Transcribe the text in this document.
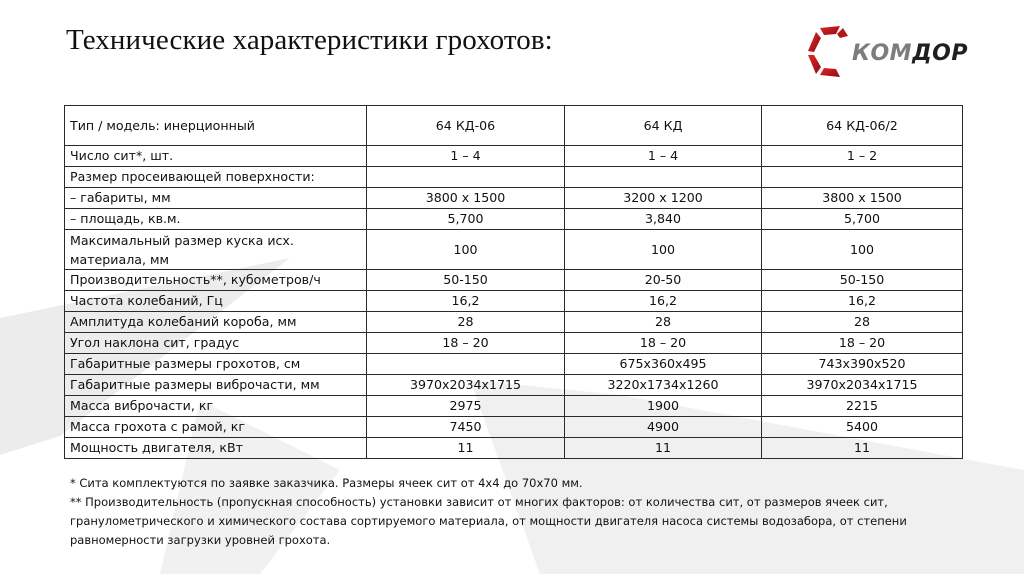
Технические характеристики грохотов:	КОМДОР
Тип / модель: инерционный	64 КД-06	64 КД	64 КД-06/2
Число сит*, шт.	1 – 4	1 – 4	1 – 2
Размер просеивающей поверхности:			
– габариты, мм	3800 x 1500	3200 x 1200	3800 x 1500
– площадь, кв.м.	5,700	3,840	5,700
Максимальный размер куска исх. материала, мм	100	100	100
Производительность**, кубометров/ч	50-150	20-50	50-150
Частота колебаний, Гц	16,2	16,2	16,2
Амплитуда колебаний короба, мм	28	28	28
Угол наклона сит, градус	18 – 20	18 – 20	18 – 20
Габаритные размеры грохотов, см		675x360x495	743x390x520
Габаритные размеры виброчасти, мм	3970x2034x1715	3220x1734x1260	3970x2034x1715
Масса виброчасти, кг	2975	1900	2215
Масса грохота с рамой, кг	7450	4900	5400
Мощность двигателя, кВт	11	11	11

* Сита комплектуются по заявке заказчика. Размеры ячеек сит от 4x4 до 70x70 мм.

** Производительность (пропускная способность) установки зависит от многих факторов: от количества сит, от размеров ячеек сит, гранулометрического и химического состава сортируемого материала, от мощности двигателя насоса системы водозабора, от степени равномерности загрузки уровней грохота.
